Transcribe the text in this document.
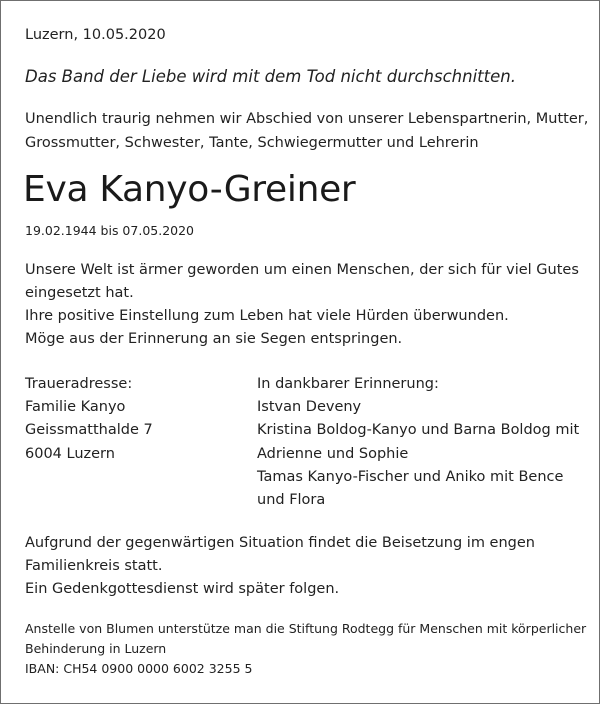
Luzern, 10.05.2020

Das Band der Liebe wird mit dem Tod nicht durchschnitten.

Unendlich traurig nehmen wir Abschied von unserer Lebenspartnerin, Mutter,
Grossmutter, Schwester, Tante, Schwiegermutter und Lehrerin
Eva Kanyo-Greiner

19.02.1944 bis 07.05.2020

Unsere Welt ist ärmer geworden um einen Menschen, der sich für viel Gutes
eingesetzt hat.
Ihre positive Einstellung zum Leben hat viele Hürden überwunden.
Möge aus der Erinnerung an sie Segen entspringen.
Traueradresse:
Familie Kanyo
Geissmatthalde 7
6004 Luzern
In dankbarer Erinnerung:
Istvan Deveny
Kristina Boldog-Kanyo und Barna Boldog mit
Adrienne und Sophie
Tamas Kanyo-Fischer und Aniko mit Bence
und Flora
Aufgrund der gegenwärtigen Situation findet die Beisetzung im engen
Familienkreis statt.
Ein Gedenkgottesdienst wird später folgen.
Anstelle von Blumen unterstütze man die Stiftung Rodtegg für Menschen mit körperlicher
Behinderung in Luzern
IBAN: CH54 0900 0000 6002 3255 5
